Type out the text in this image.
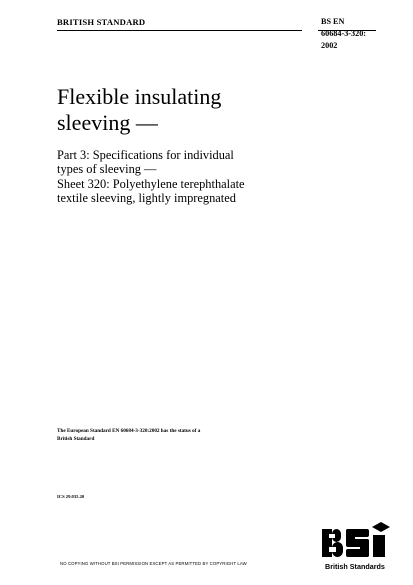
BRITISH STANDARD	BS EN
60684-3-320:
2002
Flexible insulating
sleeving —
Part 3: Specifications for individual
types of sleeving —
Sheet 320: Polyethylene terephthalate
textile sleeving, lightly impregnated
The European Standard EN 60684-3-320:2002 has the status of a
British Standard
ICS 29.035.20
NO COPYING WITHOUT BSI PERMISSION EXCEPT AS PERMITTED BY COPYRIGHT LAW	British Standards
